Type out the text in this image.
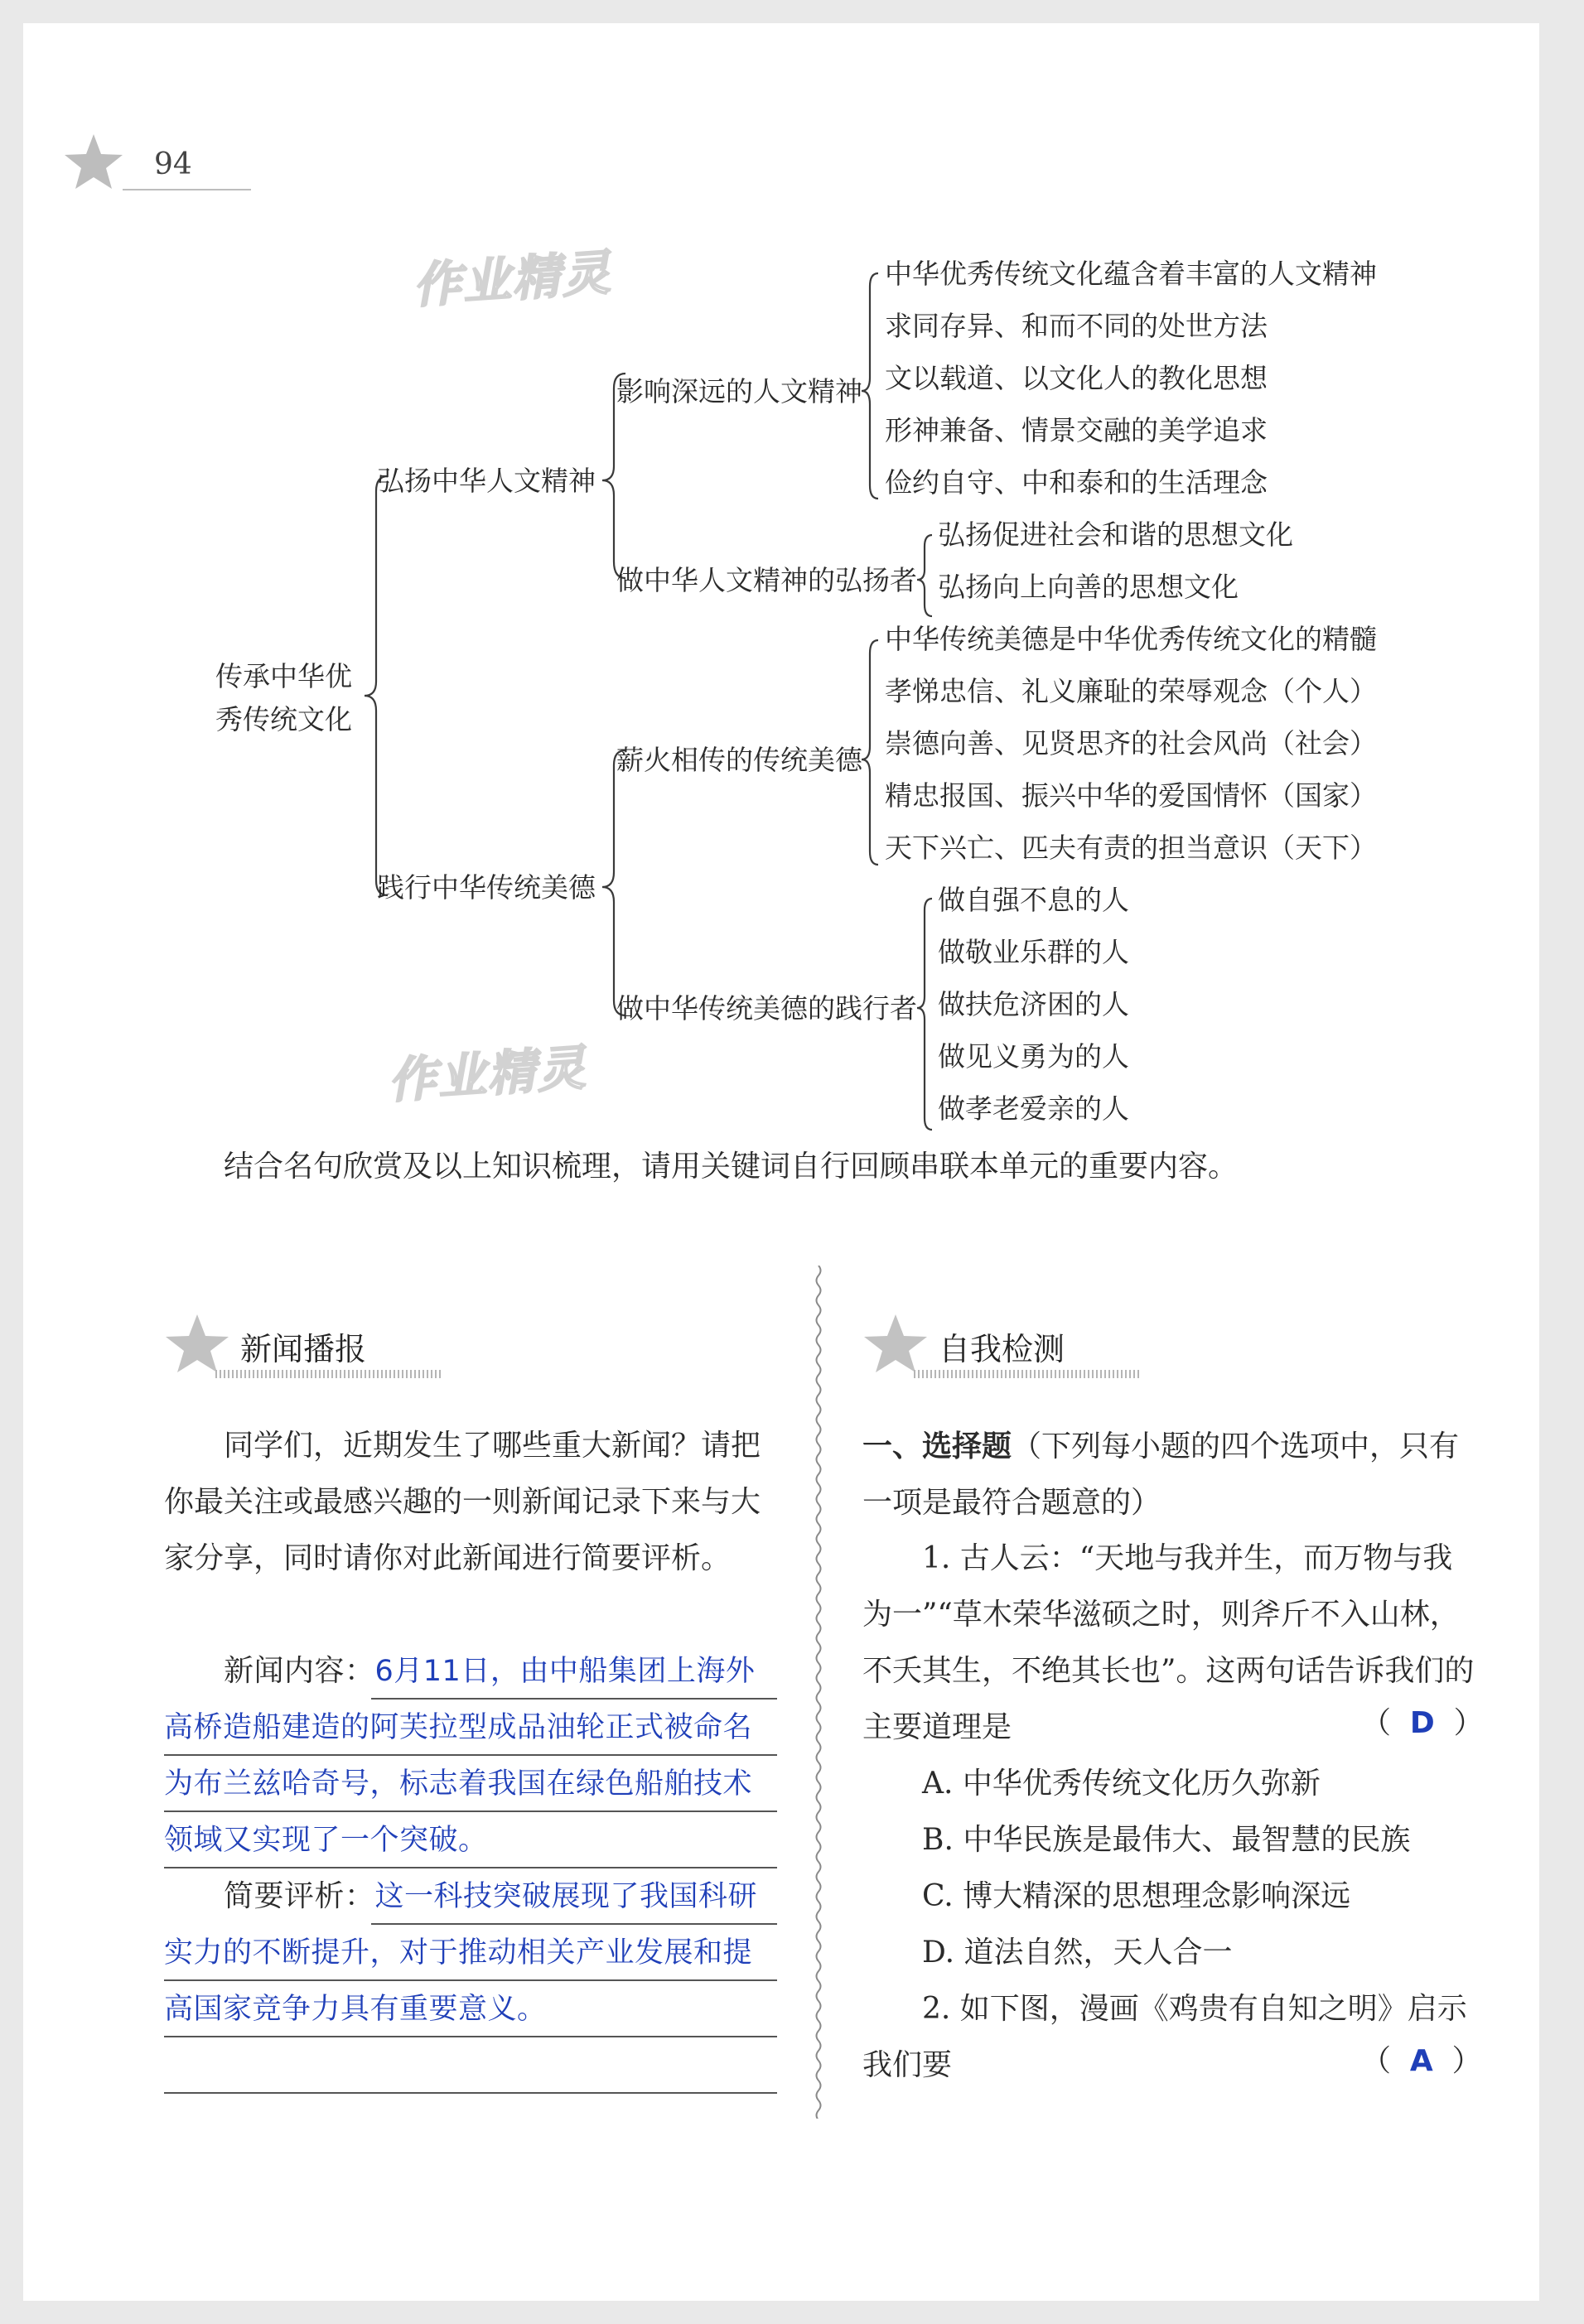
94
作业精灵
作业精灵
传承中华优
秀传统文化
弘扬中华人文精神
践行中华传统美德
影响深远的人文精神
做中华人文精神的弘扬者
薪火相传的传统美德
做中华传统美德的践行者
中华优秀传统文化蕴含着丰富的人文精神
求同存异、和而不同的处世方法
文以载道、以文化人的教化思想
形神兼备、情景交融的美学追求
俭约自守、中和泰和的生活理念
弘扬促进社会和谐的思想文化
弘扬向上向善的思想文化
中华传统美德是中华优秀传统文化的精髓
孝悌忠信、礼义廉耻的荣辱观念（个人）
崇德向善、见贤思齐的社会风尚（社会）
精忠报国、振兴中华的爱国情怀（国家）
天下兴亡、匹夫有责的担当意识（天下）
做自强不息的人
做敬业乐群的人
做扶危济困的人
做见义勇为的人
做孝老爱亲的人
结合名句欣赏及以上知识梳理，请用关键词自行回顾串联本单元的重要内容。
新闻播报

同学们，近期发生了哪些重大新闻？请把你最关注或最感兴趣的一则新闻记录下来与大家分享，同时请你对此新闻进行简要评析。

新闻内容：6月11日，由中船集团上海外高桥造船建造的阿芙拉型成品油轮正式被命名为布兰兹哈奇号，标志着我国在绿色船舶技术领域又实现了一个突破。

简要评析：这一科技突破展现了我国科研实力的不断提升，对于推动相关产业发展和提高国家竞争力具有重要意义。

自我检测

一、选择题（下列每小题的四个选项中，只有一项是最符合题意的）

1. 古人云：“天地与我并生，而万物与我为一”“草木荣华滋硕之时，则斧斤不入山林，不夭其生，不绝其长也”。这两句话告诉我们的主要道理是	（  D  ）

A. 中华优秀传统文化历久弥新

B. 中华民族是最伟大、最智慧的民族

C. 博大精深的思想理念影响深远

D. 道法自然，天人合一

2. 如下图，漫画《鸡贵有自知之明》启示我们要	（  A  ）
